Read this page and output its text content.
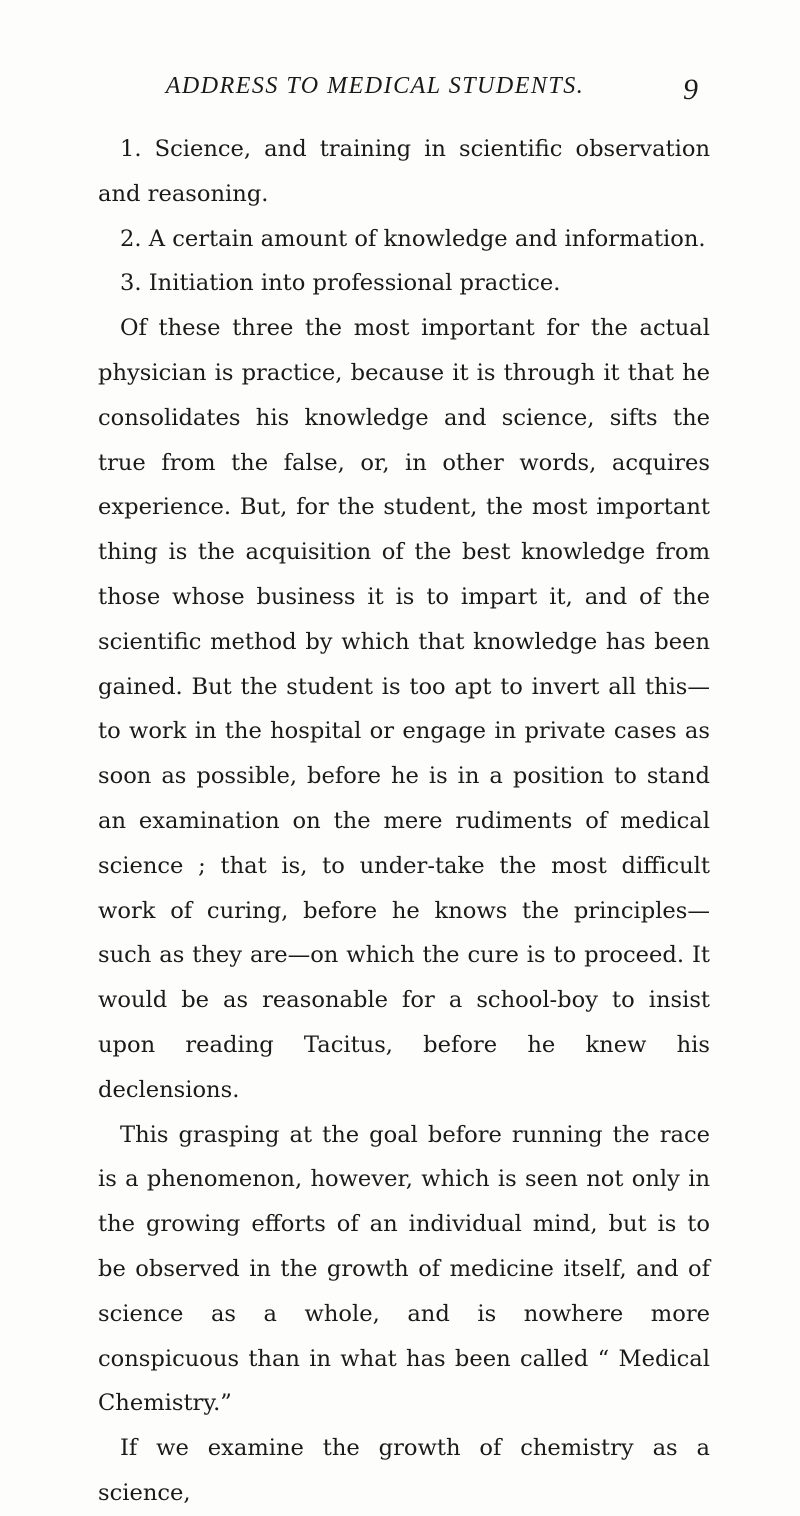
ADDRESS TO MEDICAL STUDENTS.	9

1. Science, and training in scientific observation and reasoning.

2. A certain amount of knowledge and information.

3. Initiation into professional practice.

Of these three the most important for the actual physician is practice, because it is through it that he consolidates his knowledge and science, sifts the true from the false, or, in other words, acquires experience. But, for the student, the most important thing is the acquisition of the best knowledge from those whose business it is to impart it, and of the scientific method by which that knowledge has been gained. But the student is too apt to invert all this—to work in the hospital or engage in private cases as soon as possible, before he is in a position to stand an examination on the mere rudiments of medical science ; that is, to under-take the most difficult work of curing, before he knows the principles—such as they are—on which the cure is to proceed. It would be as reasonable for a school-boy to insist upon reading Tacitus, before he knew his declensions.

This grasping at the goal before running the race is a phenomenon, however, which is seen not only in the growing efforts of an individual mind, but is to be observed in the growth of medicine itself, and of science as a whole, and is nowhere more conspicuous than in what has been called “ Medical Chemistry.”

If we examine the growth of chemistry as a science,
